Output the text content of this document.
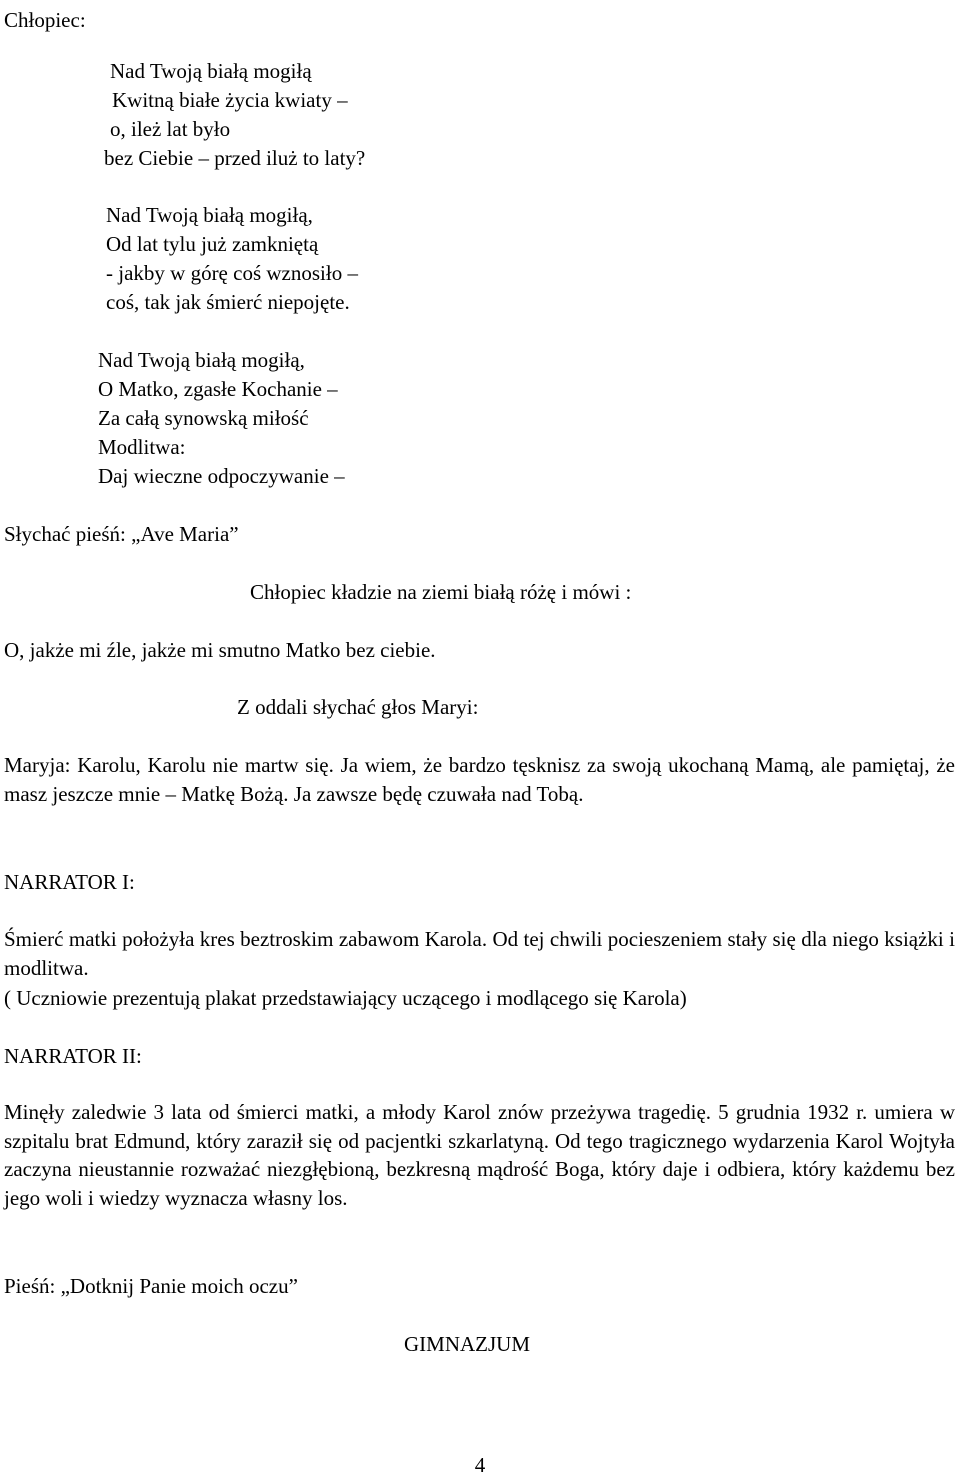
Chłopiec:
Nad Twoją białą mogiłą
Kwitną białe życia kwiaty –
o, ileż lat było
bez Ciebie – przed iluż to laty?
Nad Twoją białą mogiłą,
Od lat tylu już zamkniętą
- jakby w górę coś wznosiło –
coś, tak jak śmierć niepojęte.
Nad Twoją białą mogiłą,
O Matko, zgasłe Kochanie –
Za całą synowską miłość
Modlitwa:
Daj wieczne odpoczywanie –
Słychać pieśń: „Ave Maria”
Chłopiec kładzie na ziemi białą różę i mówi :
O, jakże mi źle, jakże mi smutno Matko bez ciebie.
Z oddali słychać głos Maryi:

Maryja: Karolu, Karolu nie martw się. Ja wiem, że bardzo tęsknisz za swoją ukochaną Mamą, ale pamiętaj, że masz jeszcze mnie – Matkę Bożą. Ja zawsze będę czuwała nad Tobą.

NARRATOR I:

Śmierć matki położyła kres beztroskim zabawom Karola. Od tej chwili pocieszeniem stały się dla niego książki i modlitwa.

( Uczniowie prezentują plakat przedstawiający uczącego i modlącego się Karola)
NARRATOR II:

Minęły zaledwie 3 lata od śmierci matki, a młody Karol znów przeżywa tragedię. 5 grudnia 1932 r. umiera w szpitalu brat Edmund, który zaraził się od pacjentki szkarlatyną. Od tego tragicznego wydarzenia Karol Wojtyła zaczyna nieustannie rozważać niezgłębioną, bezkresną mądrość Boga, który daje i odbiera, który każdemu bez jego woli i wiedzy wyznacza własny los.

Pieśń: „Dotknij Panie moich oczu”
GIMNAZJUM
4
